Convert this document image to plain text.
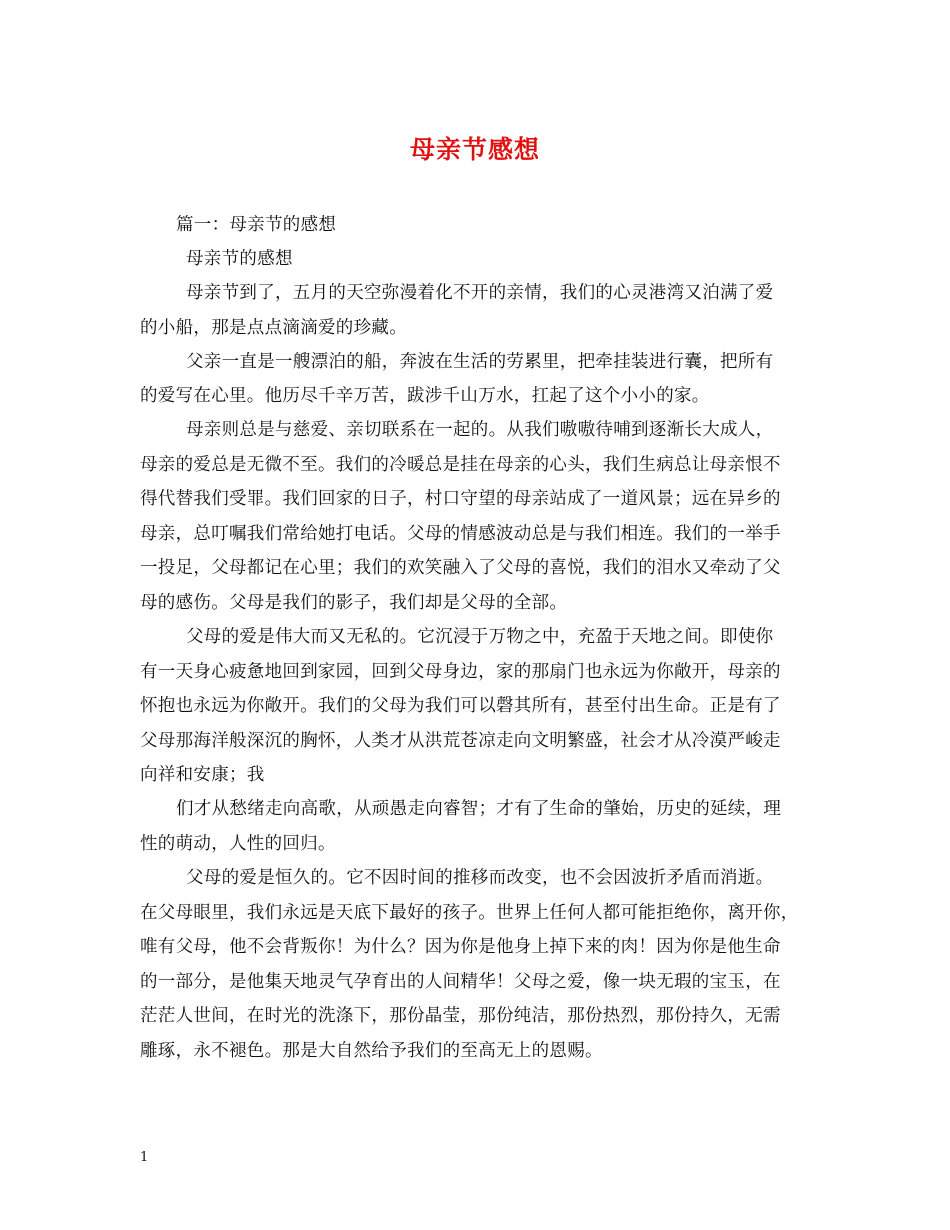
母亲节感想
篇一：母亲节的感想
母亲节的感想
母亲节到了，五月的天空弥漫着化不开的亲情，我们的心灵港湾又泊满了爱
的小船，那是点点滴滴爱的珍藏。
父亲一直是一艘漂泊的船，奔波在生活的劳累里，把牵挂装进行囊，把所有
的爱写在心里。他历尽千辛万苦，跋涉千山万水，扛起了这个小小的家。
母亲则总是与慈爱、亲切联系在一起的。从我们嗷嗷待哺到逐渐长大成人，
母亲的爱总是无微不至。我们的冷暖总是挂在母亲的心头，我们生病总让母亲恨不
得代替我们受罪。我们回家的日子，村口守望的母亲站成了一道风景；远在异乡的
母亲，总叮嘱我们常给她打电话。父母的情感波动总是与我们相连。我们的一举手
一投足，父母都记在心里；我们的欢笑融入了父母的喜悦，我们的泪水又牵动了父
母的感伤。父母是我们的影子，我们却是父母的全部。
父母的爱是伟大而又无私的。它沉浸于万物之中，充盈于天地之间。即使你
有一天身心疲惫地回到家园，回到父母身边，家的那扇门也永远为你敞开，母亲的
怀抱也永远为你敞开。我们的父母为我们可以磬其所有，甚至付出生命。正是有了
父母那海洋般深沉的胸怀，人类才从洪荒苍凉走向文明繁盛，社会才从冷漠严峻走
向祥和安康；我
们才从愁绪走向高歌，从顽愚走向睿智；才有了生命的肇始，历史的延续，理
性的萌动，人性的回归。
父母的爱是恒久的。它不因时间的推移而改变，也不会因波折矛盾而消逝。
在父母眼里，我们永远是天底下最好的孩子。世界上任何人都可能拒绝你，离开你，
唯有父母，他不会背叛你！为什么？因为你是他身上掉下来的肉！因为你是他生命
的一部分，是他集天地灵气孕育出的人间精华！父母之爱，像一块无瑕的宝玉，在
茫茫人世间，在时光的洗涤下，那份晶莹，那份纯洁，那份热烈，那份持久，无需
雕琢，永不褪色。那是大自然给予我们的至高无上的恩赐。
1
